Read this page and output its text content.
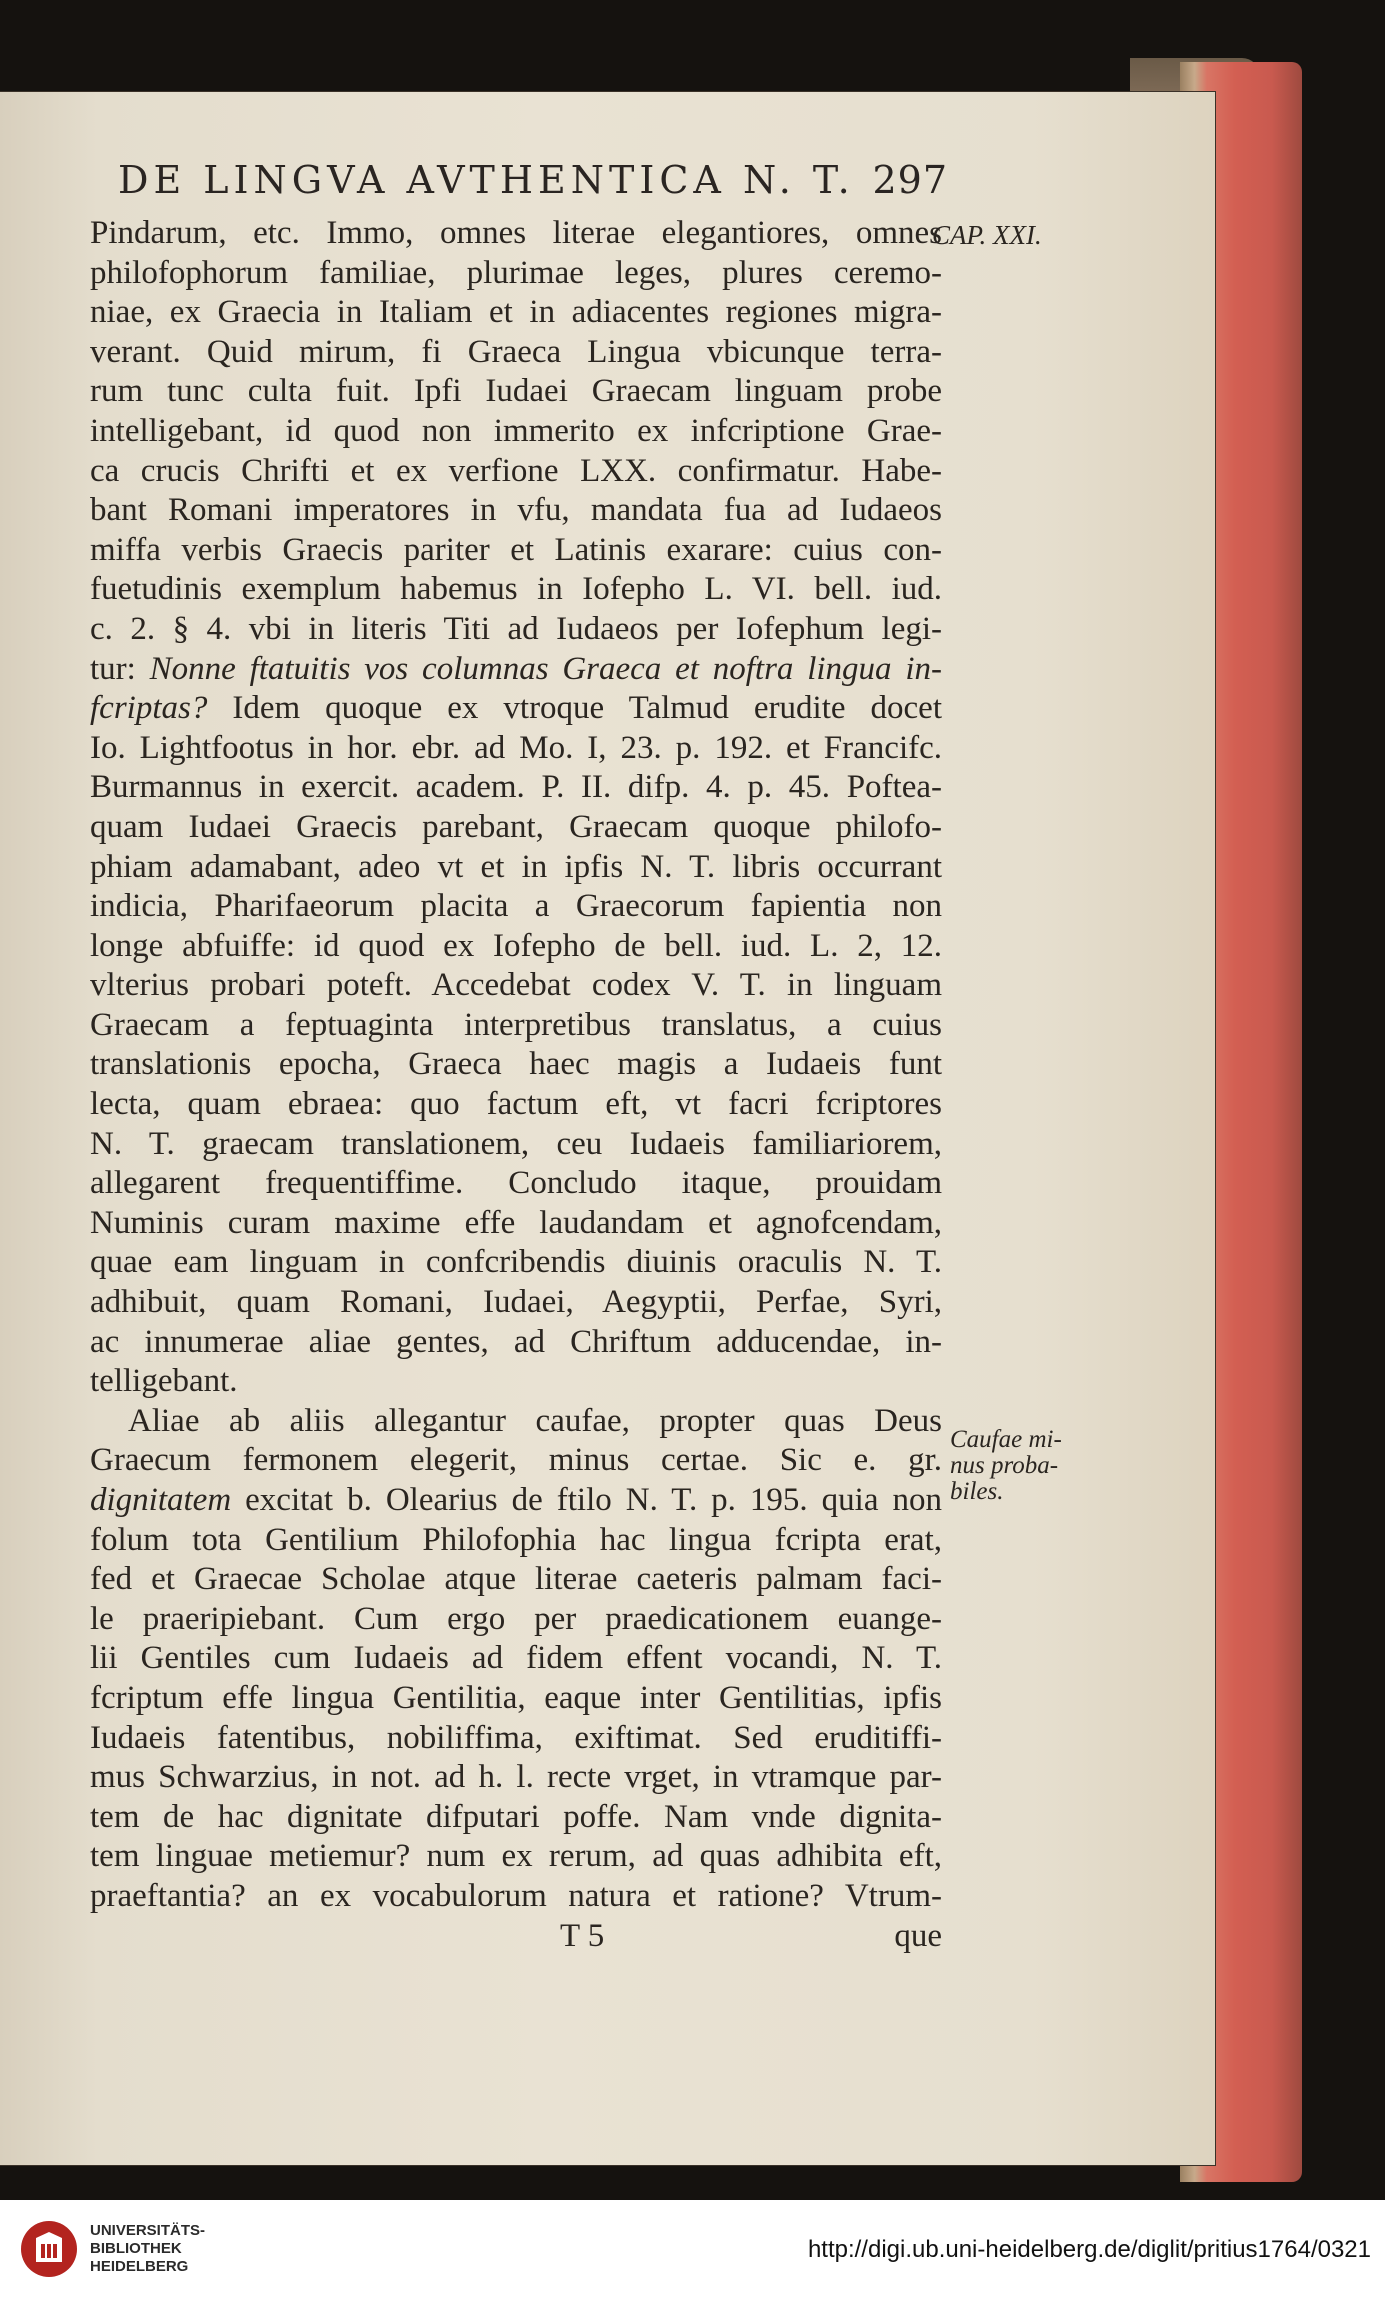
DE LINGVA AVTHENTICA N. T. 297
CAP. XXI.
Caufae mi-
nus proba-
biles.
Pindarum, etc. Immo, omnes literae elegantiores, omnes
philofophorum familiae, plurimae leges, plures ceremo-
niae, ex Graecia in Italiam et in adiacentes regiones migra-
verant. Quid mirum, fi Graeca Lingua vbicunque terra-
rum tunc culta fuit. Ipfi Iudaei Graecam linguam probe
intelligebant, id quod non immerito ex infcriptione Grae-
ca crucis Chrifti et ex verfione LXX. confirmatur. Habe-
bant Romani imperatores in vfu, mandata fua ad Iudaeos
miffa verbis Graecis pariter et Latinis exarare: cuius con-
fuetudinis exemplum habemus in Iofepho L. VI. bell. iud.
c. 2. § 4. vbi in literis Titi ad Iudaeos per Iofephum legi-
tur: Nonne ftatuitis vos columnas Graeca et noftra lingua in-
fcriptas? Idem quoque ex vtroque Talmud erudite docet
Io. Lightfootus in hor. ebr. ad Mo. I, 23. p. 192. et Francifc.
Burmannus in exercit. academ. P. II. difp. 4. p. 45. Poftea-
quam Iudaei Graecis parebant, Graecam quoque philofo-
phiam adamabant, adeo vt et in ipfis N. T. libris occurrant
indicia, Pharifaeorum placita a Graecorum fapientia non
longe abfuiffe: id quod ex Iofepho de bell. iud. L. 2, 12.
vlterius probari poteft. Accedebat codex V. T. in linguam
Graecam a feptuaginta interpretibus translatus, a cuius
translationis epocha, Graeca haec magis a Iudaeis funt
lecta, quam ebraea: quo factum eft, vt facri fcriptores
N. T. graecam translationem, ceu Iudaeis familiariorem,
allegarent frequentiffime. Concludo itaque, prouidam
Numinis curam maxime effe laudandam et agnofcendam,
quae eam linguam in confcribendis diuinis oraculis N. T.
adhibuit, quam Romani, Iudaei, Aegyptii, Perfae, Syri,
ac innumerae aliae gentes, ad Chriftum adducendae, in-
telligebant.
Aliae ab aliis allegantur caufae, propter quas Deus
Graecum fermonem elegerit, minus certae. Sic e. gr.
dignitatem excitat b. Olearius de ftilo N. T. p. 195. quia non
folum tota Gentilium Philofophia hac lingua fcripta erat,
fed et Graecae Scholae atque literae caeteris palmam faci-
le praeripiebant. Cum ergo per praedicationem euange-
lii Gentiles cum Iudaeis ad fidem effent vocandi, N. T.
fcriptum effe lingua Gentilitia, eaque inter Gentilitias, ipfis
Iudaeis fatentibus, nobiliffima, exiftimat. Sed eruditiffi-
mus Schwarzius, in not. ad h. l. recte vrget, in vtramque par-
tem de hac dignitate difputari poffe. Nam vnde dignita-
tem linguae metiemur? num ex rerum, ad quas adhibita eft,
praeftantia? an ex vocabulorum natura et ratione? Vtrum-
T 5	que
UNIVERSITÄTS-
BIBLIOTHEK
HEIDELBERG
http://digi.ub.uni-heidelberg.de/diglit/pritius1764/0321
